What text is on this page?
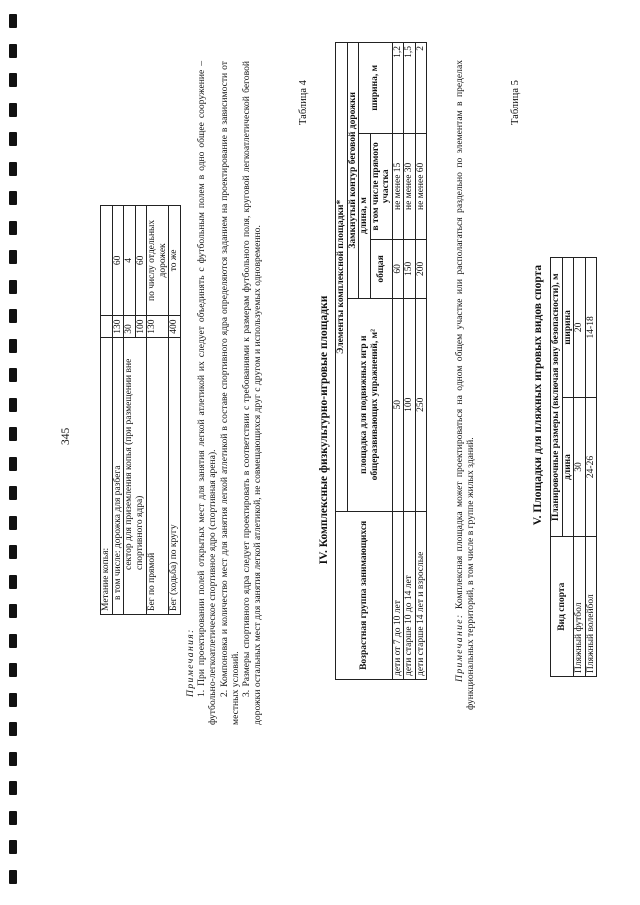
Метание копья:		
в том числе: дорожка для разбега	130	60
сектор для приземления копья (при размещении вне спортивного ядра)	30	4
	100	60
Бег по прямой	130	по числу отдельных дорожек
Бег (ходьба) по кругу	400	то же
345

Примечания: 1. При проектировании полей открытых мест для занятия легкой атлетикой их следует объединять с футбольным полем в одно общее сооружение – футбольно-легкоатлетическое спортивное ядро (спортивная арена). 2. Компоновка и количество мест для занятия легкой атлетикой в составе спортивного ядра определяются заданием на проектирование в зависимости от местных условий. 3. Размеры спортивного ядра следует проектировать в соответствии с требованиями к размерам футбольного поля, круговой легкоатлетической беговой дорожки остальных мест для занятия легкой атлетикой, не совмещающихся друг с другом и используемых одновременно.

Таблица 4
IV. Комплексные физкультурно-игровые площадки
Возрастная группа занимающихся	Элементы комплексной площадки*			
	площадка для подвижных игр и общеразвивающих упражнений, м²	Замкнутый контур беговой дорожки		
		длина, м		ширина, м
		общая	в том числе прямого участка	
дети от 7 до 10 лет	50	60	не менее 15	1,2
дети старше 10 до 14 лет	100	150	не менее 30	1,5
дети старше 14 лет и взрослые	250	200	не менее 60	2

Примечание: Комплексная площадка может проектироваться на одном общем участке или располагаться раздельно по элементам в пределах функциональных территорий, в том числе в группе жилых зданий.

Таблица 5
V. Площадки для пляжных игровых видов спорта
Вид спорта	Планировочные размеры (включая зону безопасности), м	
	длина	ширина
Пляжный футбол	30	20
Пляжный волейбол	24-26	14-18
